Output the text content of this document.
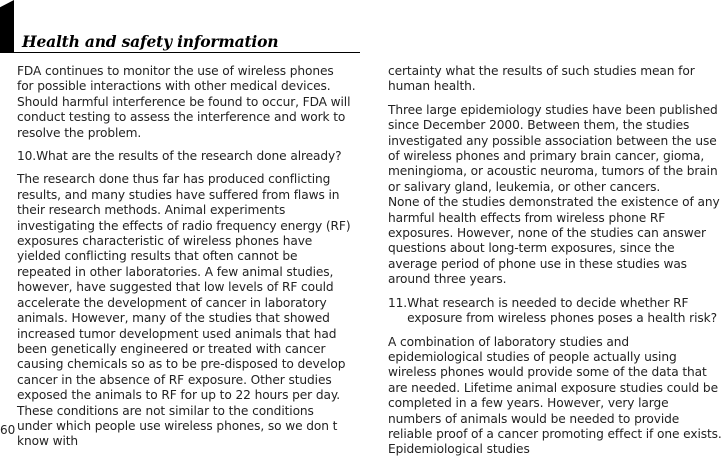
Health and safety information

FDA continues to monitor the use of wireless phones for possible interactions with other medical devices. Should harmful interference be found to occur, FDA will conduct testing to assess the interference and work to resolve the problem.

10. What are the results of the research done already?

The research done thus far has produced conflicting results, and many studies have suffered from flaws in their research methods. Animal experiments investigating the effects of radio frequency energy (RF) exposures characteristic of wireless phones have yielded conflicting results that often cannot be repeated in other laboratories. A few animal studies, however, have suggested that low levels of RF could accelerate the development of cancer in laboratory animals. However, many of the studies that showed increased tumor development used animals that had been genetically engineered or treated with cancer causing chemicals so as to be pre-disposed to develop cancer in the absence of RF exposure. Other studies exposed the animals to RF for up to 22 hours per day. These conditions are not similar to the conditions under which people use wireless phones, so we don t know with

certainty what the results of such studies mean for human health.

Three large epidemiology studies have been published since December 2000. Between them, the studies investigated any possible association between the use of wireless phones and primary brain cancer, gioma, meningioma, or acoustic neuroma, tumors of the brain or salivary gland, leukemia, or other cancers.

None of the studies demonstrated the existence of any harmful health effects from wireless phone RF exposures. However, none of the studies can answer questions about long-term exposures, since the average period of phone use in these studies was around three years.

11. What research is needed to decide whether RF exposure from wireless phones poses a health risk?

A combination of laboratory studies and epidemiological studies of people actually using wireless phones would provide some of the data that are needed. Lifetime animal exposure studies could be completed in a few years. However, very large numbers of animals would be needed to provide reliable proof of a cancer promoting effect if one exists. Epidemiological studies

60
